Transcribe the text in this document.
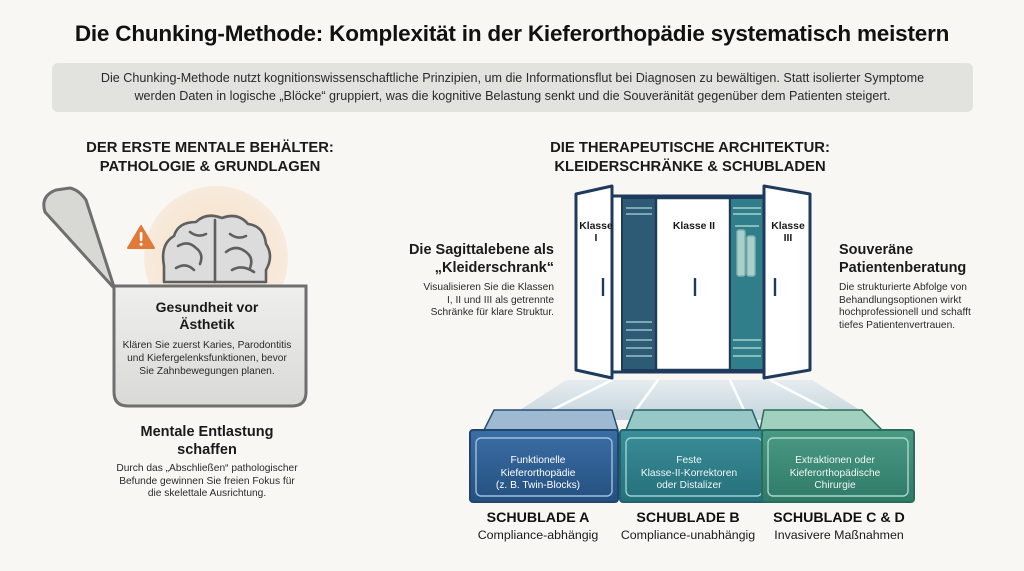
Die Chunking-Methode: Komplexität in der Kieferorthopädie systematisch meistern
Die Chunking-Methode nutzt kognitionswissenschaftliche Prinzipien, um die Informationsflut bei Diagnosen zu bewältigen. Statt isolierter Symptome
werden Daten in logische „Blöcke“ gruppiert, was die kognitive Belastung senkt und die Souveränität gegenüber dem Patienten steigert.
DER ERSTE MENTALE BEHÄLTER:
PATHOLOGIE & GRUNDLAGEN
DIE THERAPEUTISCHE ARCHITEKTUR:
KLEIDERSCHRÄNKE & SCHUBLADEN
Gesundheit vor
Ästhetik
Klären Sie zuerst Karies, Parodontitis
und Kiefergelenksfunktionen, bevor
Sie Zahnbewegungen planen.
Mentale Entlastung
schaffen
Durch das „Abschließen“ pathologischer
Befunde gewinnen Sie freien Fokus für
die skelettale Ausrichtung.
Die Sagittalebene als
„Kleiderschrank“
Visualisieren Sie die Klassen
I, II und III als getrennte
Schränke für klare Struktur.
Souveräne
Patientenberatung
Die strukturierte Abfolge von
Behandlungsoptionen wirkt
hochprofessionell und schafft
tiefes Patientenvertrauen.
Klasse
I
Klasse II	Klasse
III
Funktionelle
Kieferorthopädie
(z. B. Twin-Blocks)
Feste
Klasse-II-Korrektoren
oder Distalizer
Extraktionen oder
Kieferorthopädische
Chirurgie
SCHUBLADE A
Compliance-abhängig
SCHUBLADE B
Compliance-unabhängig
SCHUBLADE C & D
Invasivere Maßnahmen
